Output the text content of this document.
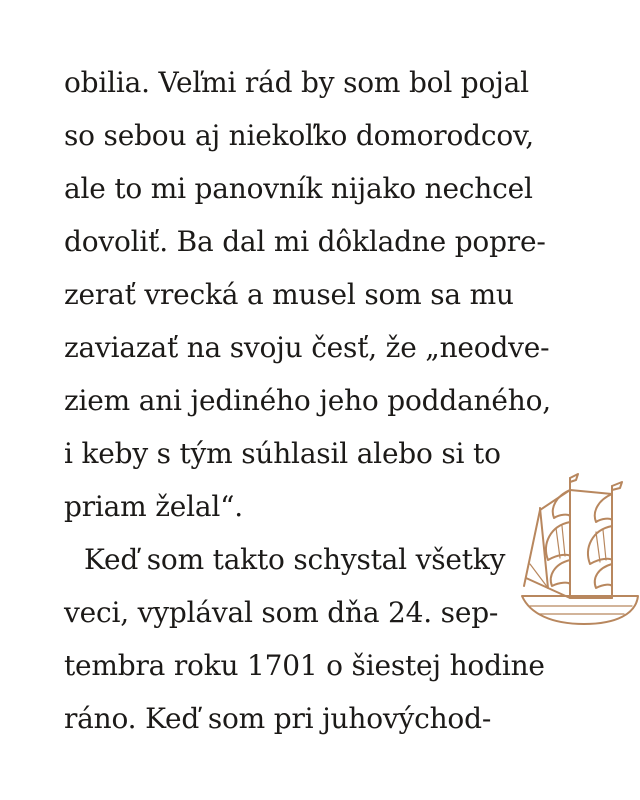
obilia. Veľmi rád by som bol pojal
so sebou aj niekoľko domorodcov,
ale to mi panovník nijako nechcel
dovoliť. Ba dal mi dôkladne popre-
zerať vrecká a musel som sa mu
zaviazať na svoju česť, že „neodve-
ziem ani jediného jeho poddaného,
i keby s tým súhlasil alebo si to
priam želal“.
Keď som takto schystal všetky
veci, vyplával som dňa 24. sep-
tembra roku 1701 o šiestej hodine
ráno. Keď som pri juhovýchod-
